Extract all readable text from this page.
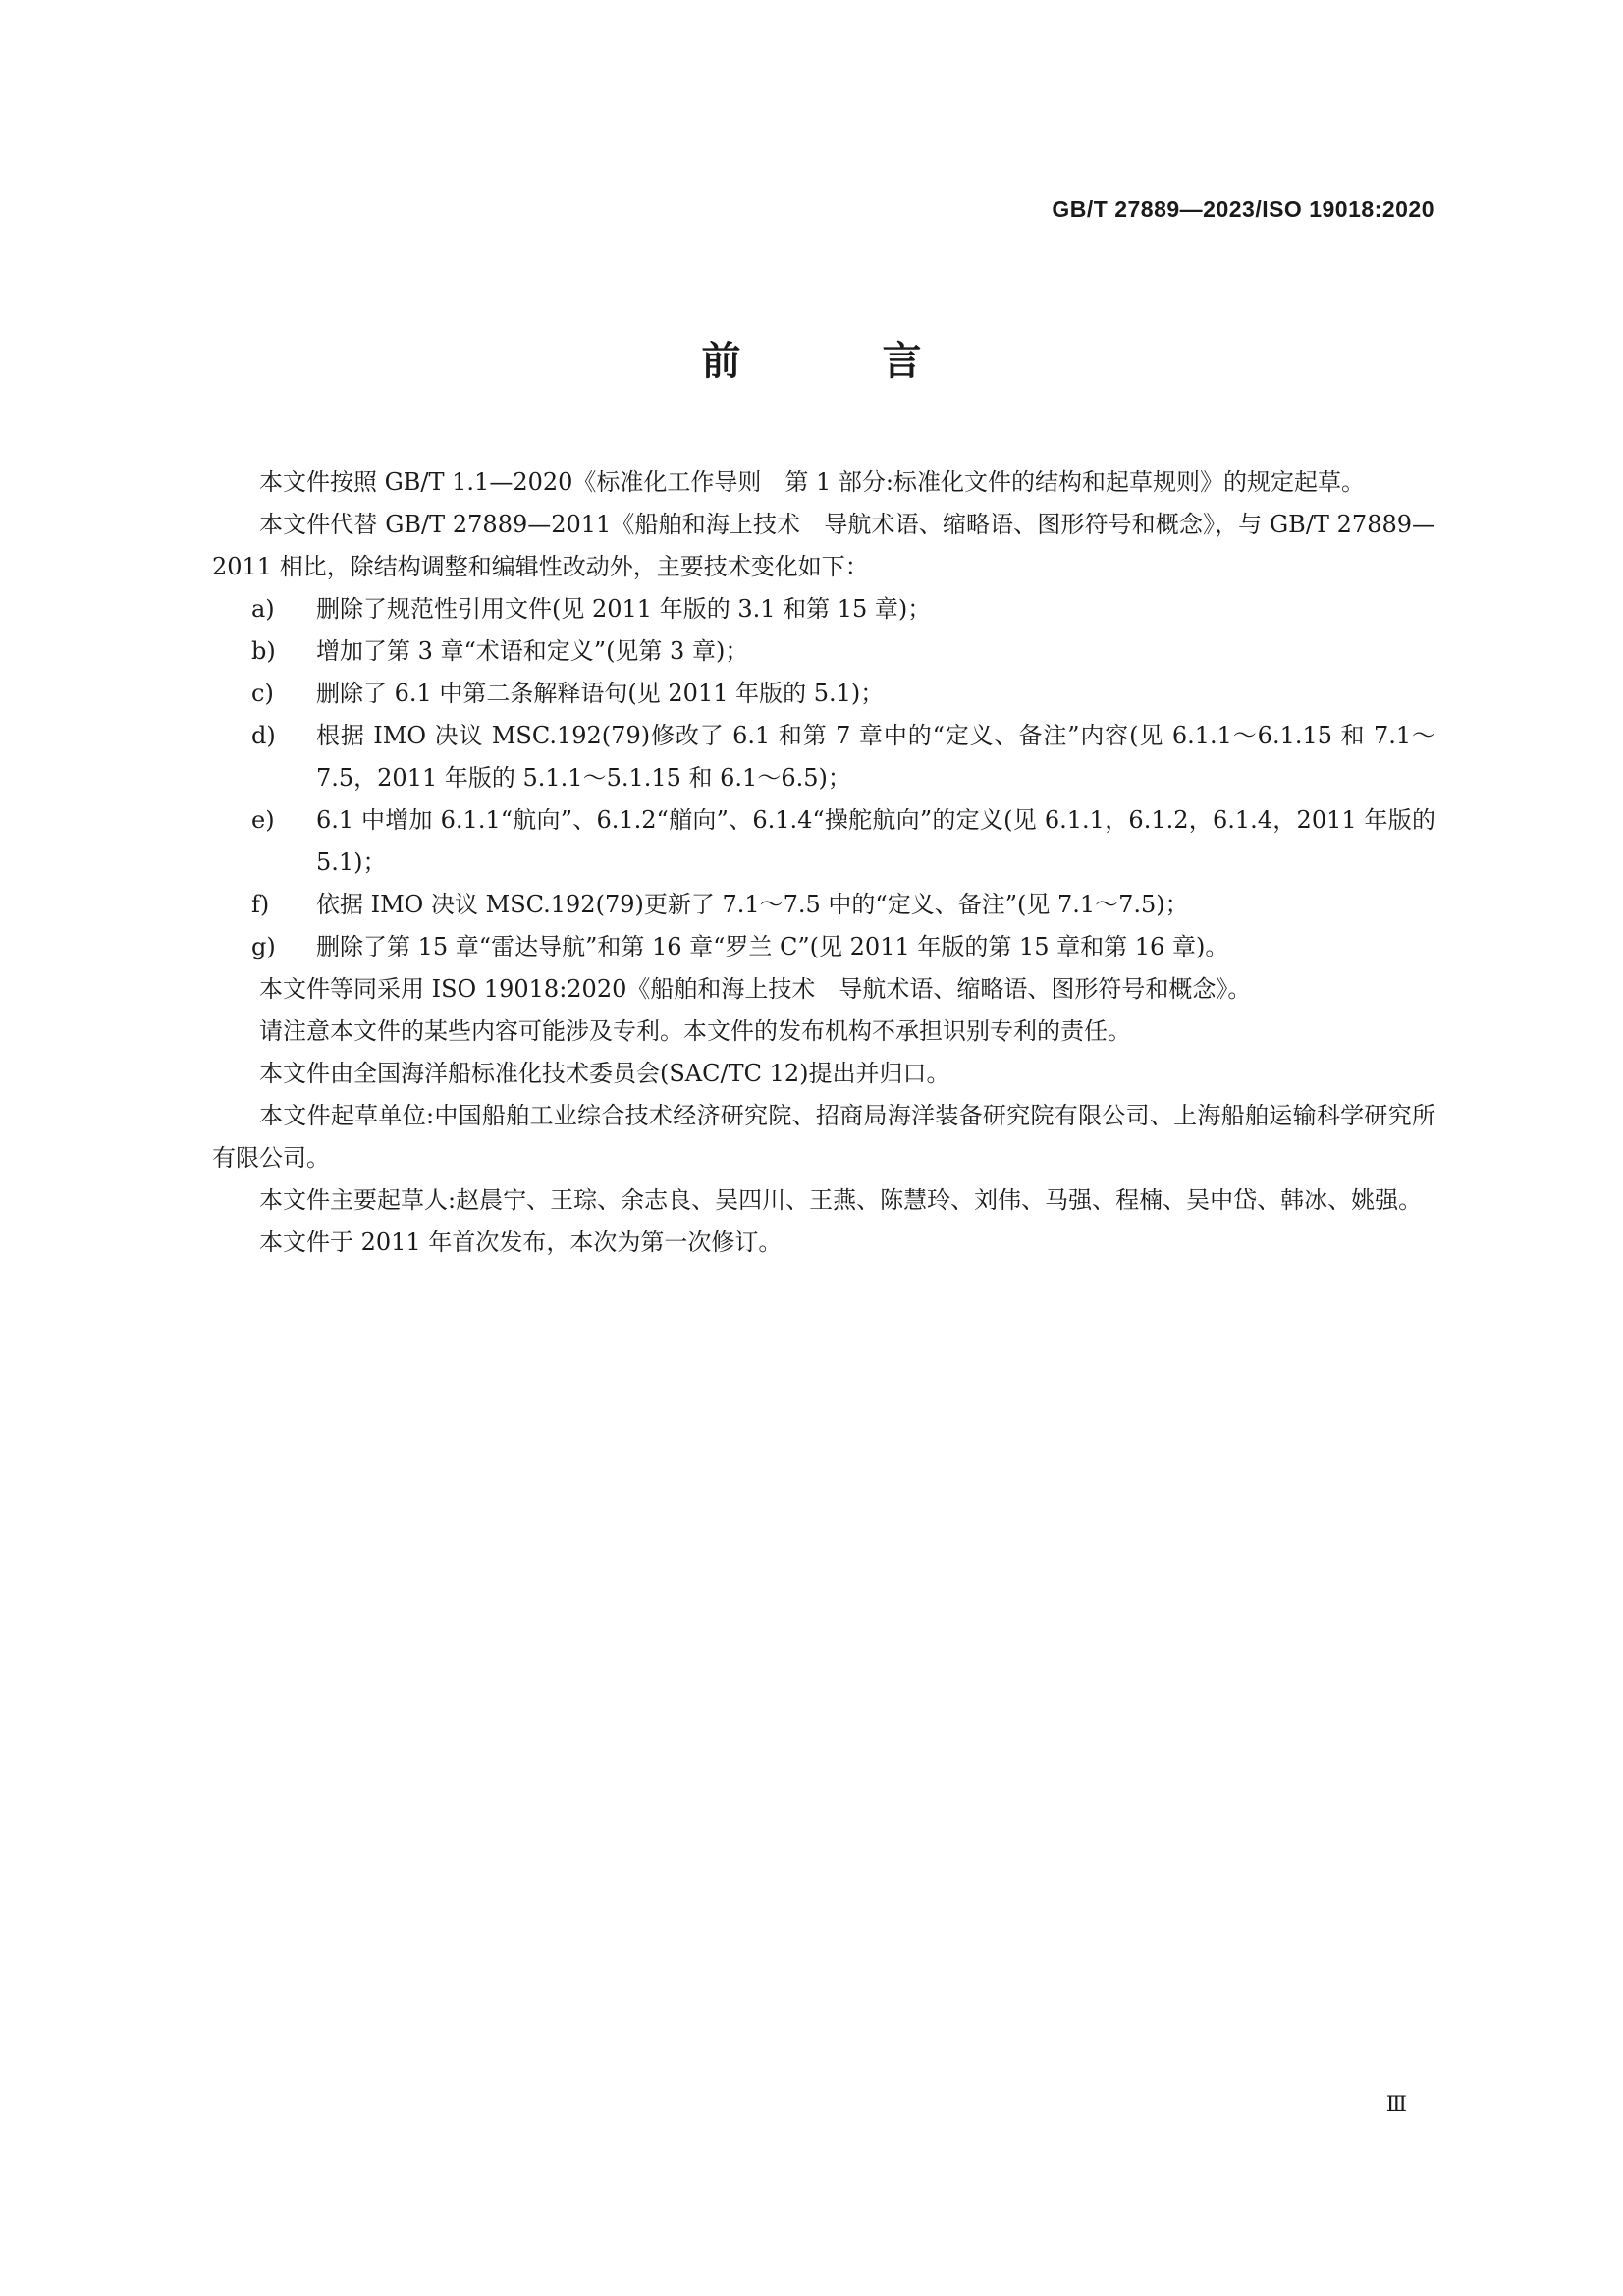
GB/T 27889—2023/ISO 19018:2020
前　言

本文件按照 GB/T 1.1—2020《标准化工作导则　第 1 部分:标准化文件的结构和起草规则》的规定起草。

本文件代替 GB/T 27889—2011《船舶和海上技术　导航术语、缩略语、图形符号和概念》，与 GB/T 27889—2011 相比，除结构调整和编辑性改动外，主要技术变化如下：

a)	删除了规范性引用文件(见 2011 年版的 3.1 和第 15 章)；
b)	增加了第 3 章“术语和定义”(见第 3 章)；
c)	删除了 6.1 中第二条解释语句(见 2011 年版的 5.1)；
d)	根据 IMO 决议 MSC.192(79)修改了 6.1 和第 7 章中的“定义、备注”内容(见 6.1.1～6.1.15 和 7.1～7.5，2011 年版的 5.1.1～5.1.15 和 6.1～6.5)；
e)	6.1 中增加 6.1.1“航向”、6.1.2“艏向”、6.1.4“操舵航向”的定义(见 6.1.1，6.1.2，6.1.4，2011 年版的 5.1)；
f)	依据 IMO 决议 MSC.192(79)更新了 7.1～7.5 中的“定义、备注”(见 7.1～7.5)；
g)	删除了第 15 章“雷达导航”和第 16 章“罗兰 C”(见 2011 年版的第 15 章和第 16 章)。

本文件等同采用 ISO 19018:2020《船舶和海上技术　导航术语、缩略语、图形符号和概念》。

请注意本文件的某些内容可能涉及专利。本文件的发布机构不承担识别专利的责任。

本文件由全国海洋船标准化技术委员会(SAC/TC 12)提出并归口。

本文件起草单位:中国船舶工业综合技术经济研究院、招商局海洋装备研究院有限公司、上海船舶运输科学研究所有限公司。

本文件主要起草人:赵晨宁、王琮、余志良、吴四川、王燕、陈慧玲、刘伟、马强、程楠、吴中岱、韩冰、姚强。

本文件于 2011 年首次发布，本次为第一次修订。

Ⅲ
